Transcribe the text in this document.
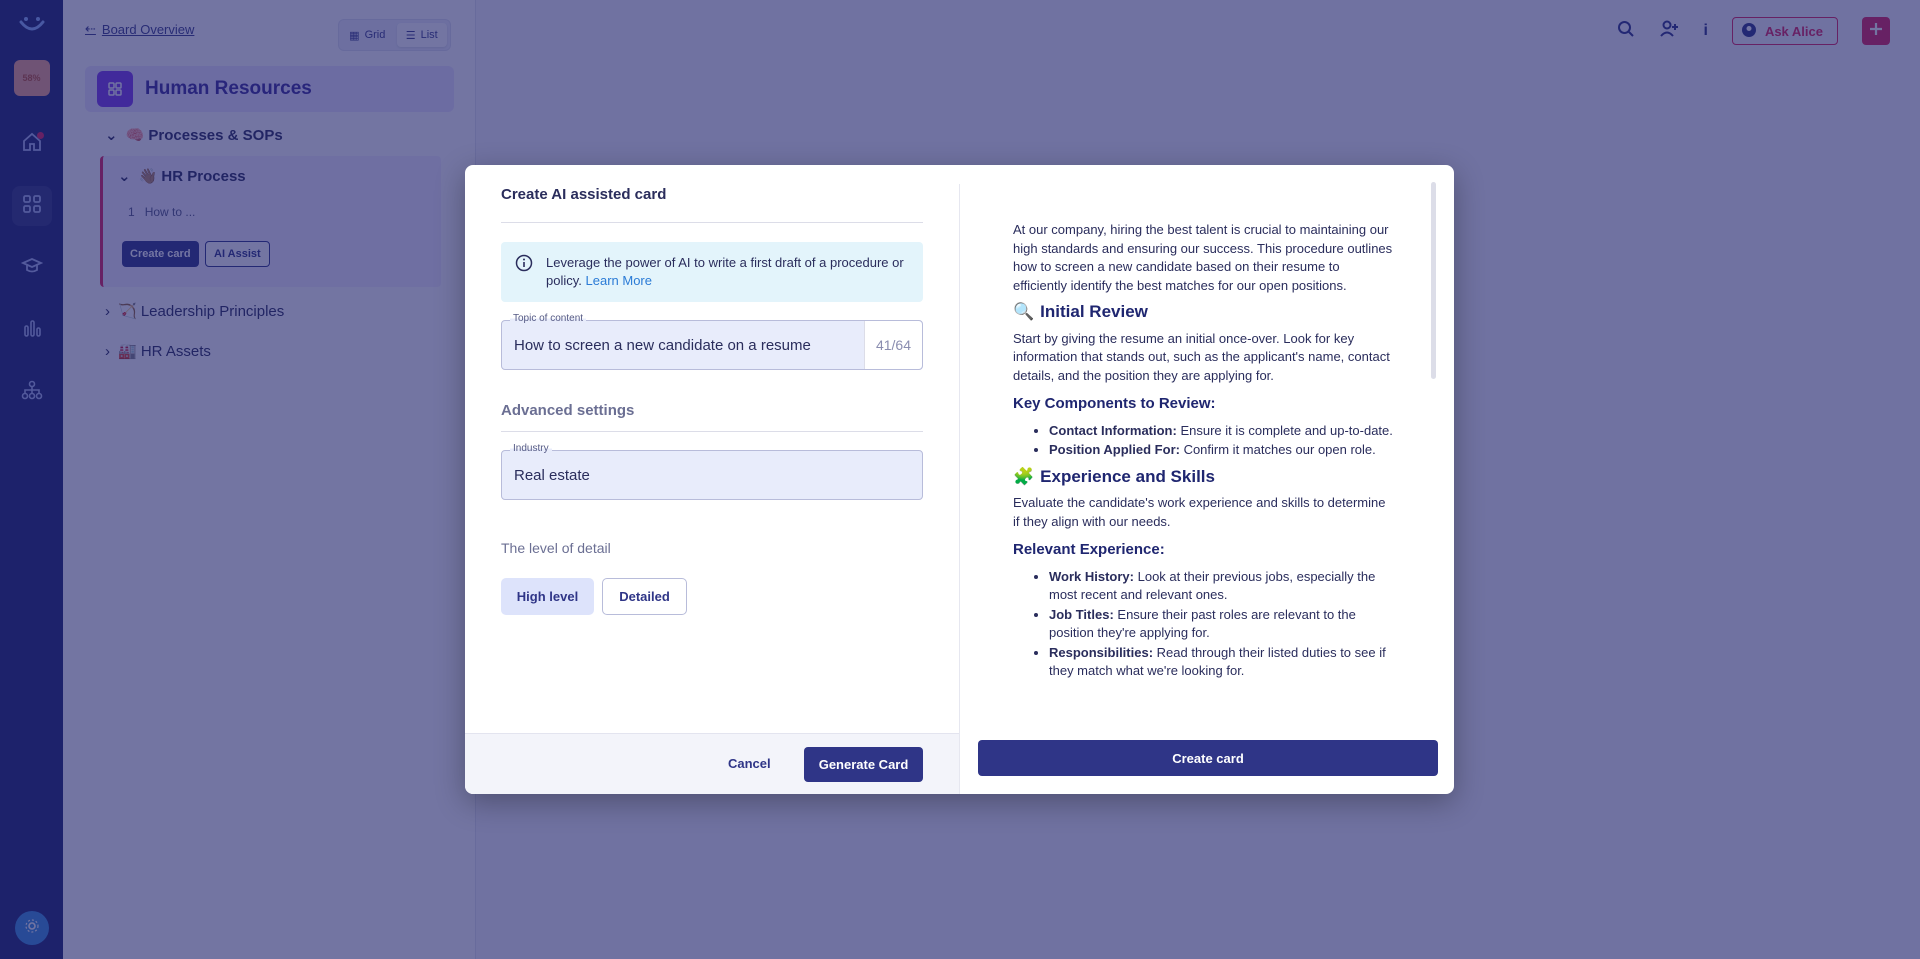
Create AI assisted card
Leverage the power of AI to write a first draft of a procedure or policy. Learn More
Topic of content
How to screen a new candidate on a resume	41/64
Advanced settings
Industry
Real estate
The level of detail
High level	Detailed
Cancel	Generate Card

At our company, hiring the best talent is crucial to maintaining our high standards and ensuring our success. This procedure outlines how to screen a new candidate based on their resume to efficiently identify the best matches for our open positions.

🔍 Initial Review

Start by giving the resume an initial once-over. Look for key information that stands out, such as the applicant's name, contact details, and the position they are applying for.

Key Components to Review:
• Contact Information: Ensure it is complete and up-to-date.
• Position Applied For: Confirm it matches our open role.
🧩 Experience and Skills

Evaluate the candidate's work experience and skills to determine if they align with our needs.

Relevant Experience:
• Work History: Look at their previous jobs, especially the most recent and relevant ones.
• Job Titles: Ensure their past roles are relevant to the position they're applying for.
• Responsibilities: Read through their listed duties to see if they match what we're looking for.
Create card
